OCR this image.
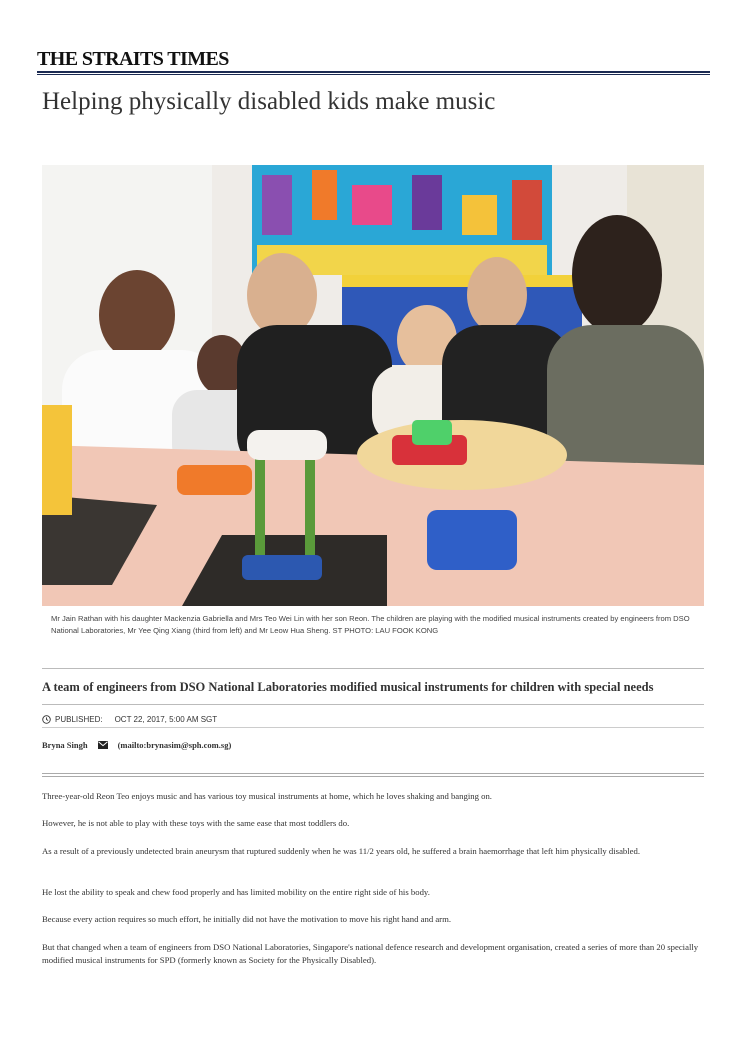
THE STRAITS TIMES
Helping physically disabled kids make music
Mr Jain Rathan with his daughter Mackenzia Gabriella and Mrs Teo Wei Lin with her son Reon. The children are playing with the modified musical instruments created by engineers from DSO National Laboratories, Mr Yee Qing Xiang (third from left) and Mr Leow Hua Sheng. ST PHOTO: LAU FOOK KONG
A team of engineers from DSO National Laboratories modified musical instruments for children with special needs
PUBLISHED: OCT 22, 2017, 5:00 AM SGT
Bryna Singh	(mailto:brynasim@sph.com.sg)

Three-year-old Reon Teo enjoys music and has various toy musical instruments at home, which he loves shaking and banging on.

However, he is not able to play with these toys with the same ease that most toddlers do.

As a result of a previously undetected brain aneurysm that ruptured suddenly when he was 11/2 years old, he suffered a brain haemorrhage that left him physically disabled.

He lost the ability to speak and chew food properly and has limited mobility on the entire right side of his body.

Because every action requires so much effort, he initially did not have the motivation to move his right hand and arm.

But that changed when a team of engineers from DSO National Laboratories, Singapore's national defence research and development organisation, created a series of more than 20 specially modified musical instruments for SPD (formerly known as Society for the Physically Disabled).
